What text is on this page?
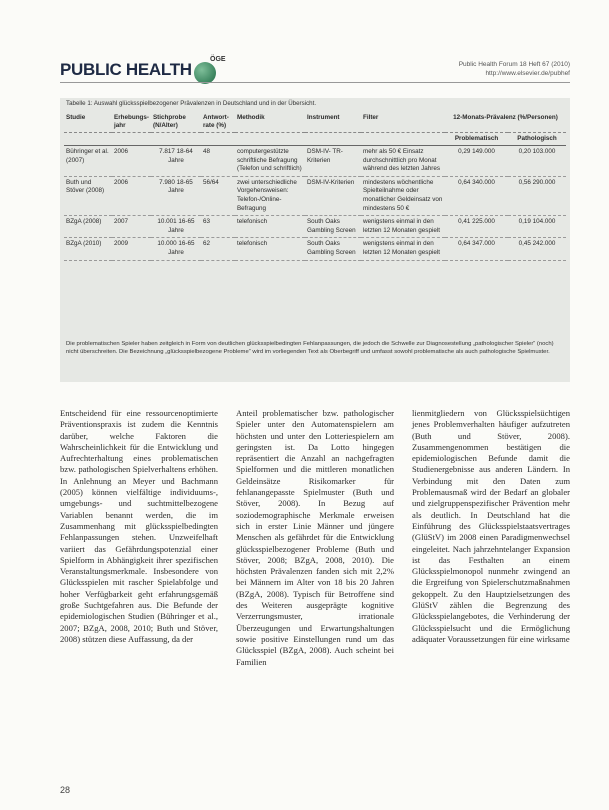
ÖGE
PUBLIC HEALTH	Public Health Forum 18 Heft 67 (2010)
http://www.elsevier.de/pubhef
Tabelle 1: Auswahl glücksspielbezogener Prävalenzen in Deutschland und in der Übersicht.
Studie	Erhebungs-jahr	Stichprobe (N/Alter)	Antwort-rate (%)	Methodik	Instrument	Filter	12-Monats-Prävalenz (%/Personen)	
							Problematisch	Pathologisch
Bühringer et al. (2007)	2006	7.817 18-64 Jahre	48	computergestützte schriftliche Befragung (Telefon und schriftlich)	DSM-IV- TR-Kriterien	mehr als 50 € Einsatz durchschnittlich pro Monat während des letzten Jahres	0,29 149.000	0,20 103.000
Buth und Stöver (2008)	2006	7.980 18-65 Jahre	56/64	zwei unterschiedliche Vorgehensweisen: Telefon-/Online-Befragung	DSM-IV-Kriterien	mindestens wöchentliche Spielteilnahme oder monatlicher Geldeinsatz von mindestens 50 €	0,64 340.000	0,56 290.000
BZgA (2008)	2007	10.001 16-65 Jahre	63	telefonisch	South Oaks Gambling Screen	wenigstens einmal in den letzten 12 Monaten gespielt	0,41 225.000	0,19 104.000
BZgA (2010)	2009	10.000 16-65 Jahre	62	telefonisch	South Oaks Gambling Screen	wenigstens einmal in den letzten 12 Monaten gespielt	0,64 347.000	0,45 242.000
Die problematischen Spieler haben zeitgleich in Form von deutlichen glücksspielbedingten Fehlanpassungen, die jedoch die Schwelle zur Diagnosestellung „pathologischer Spieler“ (noch) nicht überschreiten. Die Bezeichnung „glücksspielbezogene Probleme“ wird im vorliegenden Text als Oberbegriff und umfasst sowohl problematische als auch pathologische Spielmuster.

Entscheidend für eine ressourcenoptimierte Präventionspraxis ist zudem die Kenntnis darüber, welche Faktoren die Wahrscheinlichkeit für die Entwicklung und Aufrechterhaltung eines problematischen bzw. pathologischen Spielverhaltens erhöhen. In Anlehnung an Meyer und Bachmann (2005) können vielfältige individuums-, umgebungs- und suchtmittelbezogene Variablen benannt werden, die im Zusammenhang mit glücksspielbedingten Fehlanpassungen stehen. Unzweifelhaft variiert das Gefährdungspotenzial einer Spielform in Abhängigkeit ihrer spezifischen Veranstaltungsmerkmale. Insbesondere von Glücksspielen mit rascher Spielabfolge und hoher Verfügbarkeit geht erfahrungsgemäß große Suchtgefahren aus. Die Befunde der epidemiologischen Studien (Bühringer et al., 2007; BZgA, 2008, 2010; Buth und Stöver, 2008) stützen diese Auffassung, da der

Anteil problematischer bzw. pathologischer Spieler unter den Automatenspielern am höchsten und unter den Lotteriespielern am geringsten ist. Da Lotto hingegen repräsentiert die Anzahl an nachgefragten Spielformen und die mittleren monatlichen Geldeinsätze Risikomarker für fehlanangepasste Spielmuster (Buth und Stöver, 2008). In Bezug auf soziodemographische Merkmale erweisen sich in erster Linie Männer und jüngere Menschen als gefährdet für die Entwicklung glücksspielbezogener Probleme (Buth und Stöver, 2008; BZgA, 2008, 2010). Die höchsten Prävalenzen fanden sich mit 2,2% bei Männern im Alter von 18 bis 20 Jahren (BZgA, 2008). Typisch für Betroffene sind des Weiteren ausgeprägte kognitive Verzerrungsmuster, irrationale Überzeugungen und Erwartungshaltungen sowie positive Einstellungen rund um das Glücksspiel (BZgA, 2008). Auch scheint bei Familien

lienmitgliedern von Glücksspielsüchtigen jenes Problemverhalten häufiger aufzutreten (Buth und Stöver, 2008). Zusammengenommen bestätigen die epidemiologischen Befunde damit die Studienergebnisse aus anderen Ländern. In Verbindung mit den Daten zum Problemausmaß wird der Bedarf an globaler und zielgruppenspezifischer Prävention mehr als deutlich. In Deutschland hat die Einführung des Glücksspielstaatsvertrages (GlüStV) im 2008 einen Paradigmenwechsel eingeleitet. Nach jahrzehntelanger Expansion ist das Festhalten an einem Glücksspielmonopol nunmehr zwingend an die Ergreifung von Spielerschutzmaßnahmen gekoppelt. Zu den Hauptzielsetzungen des GlüStV zählen die Begrenzung des Glücksspielangebotes, die Verhinderung der Glücksspielsucht und die Ermöglichung adäquater Voraussetzungen für eine wirksame

28
